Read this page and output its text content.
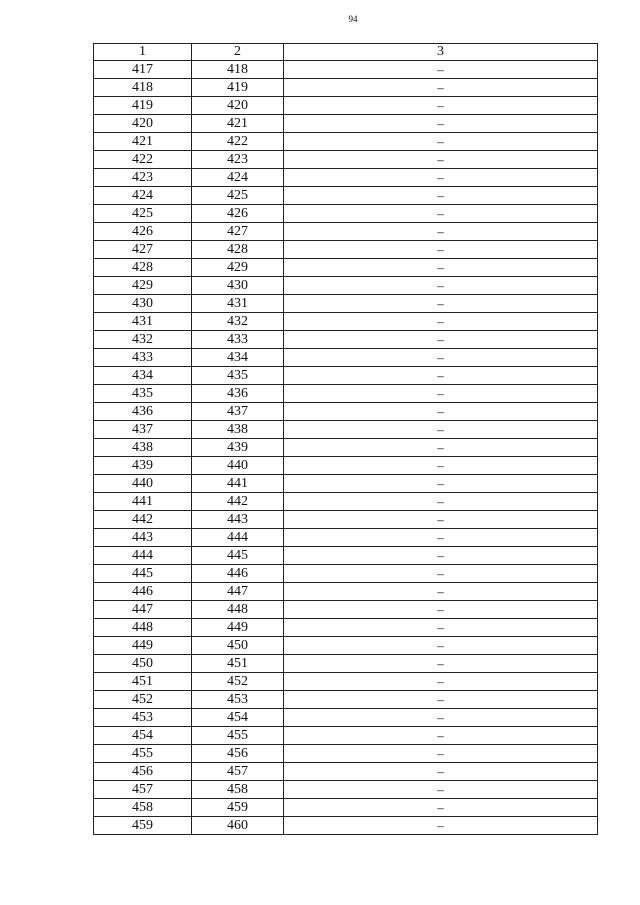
94
1	2	3
417	418	–
418	419	–
419	420	–
420	421	–
421	422	–
422	423	–
423	424	–
424	425	–
425	426	–
426	427	–
427	428	–
428	429	–
429	430	–
430	431	–
431	432	–
432	433	–
433	434	–
434	435	–
435	436	–
436	437	–
437	438	–
438	439	–
439	440	–
440	441	–
441	442	–
442	443	–
443	444	–
444	445	–
445	446	–
446	447	–
447	448	–
448	449	–
449	450	–
450	451	–
451	452	–
452	453	–
453	454	–
454	455	–
455	456	–
456	457	–
457	458	–
458	459	–
459	460	–
